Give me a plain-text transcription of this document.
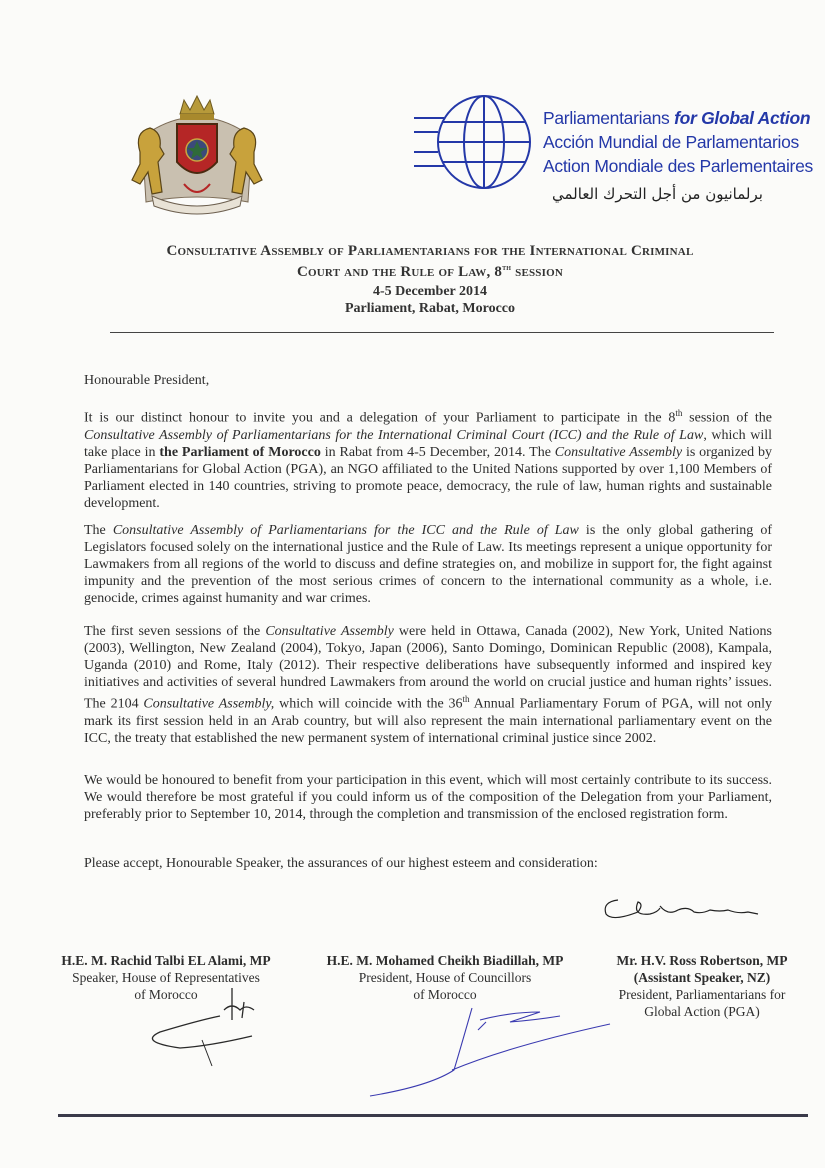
Parliamentarians for Global Action
Acción Mundial de Parlamentarios
Action Mondiale des Parlementaires
برلمانيون من أجل التحرك العالمي
Consultative Assembly of Parliamentarians for the International Criminal
Court and the Rule of Law, 8th session
4-5 December 2014
Parliament, Rabat, Morocco
Honourable President,
It is our distinct honour to invite you and a delegation of your Parliament to participate in the 8th session of the Consultative Assembly of Parliamentarians for the International Criminal Court (ICC) and the Rule of Law, which will take place in the Parliament of Morocco in Rabat from 4-5 December, 2014. The Consultative Assembly is organized by Parliamentarians for Global Action (PGA), an NGO affiliated to the United Nations supported by over 1,100 Members of Parliament elected in 140 countries, striving to promote peace, democracy, the rule of law, human rights and sustainable development.
The Consultative Assembly of Parliamentarians for the ICC and the Rule of Law is the only global gathering of Legislators focused solely on the international justice and the Rule of Law. Its meetings represent a unique opportunity for Lawmakers from all regions of the world to discuss and define strategies on, and mobilize in support for, the fight against impunity and the prevention of the most serious crimes of concern to the international community as a whole, i.e. genocide, crimes against humanity and war crimes.
The first seven sessions of the Consultative Assembly were held in Ottawa, Canada (2002), New York, United Nations (2003), Wellington, New Zealand (2004), Tokyo, Japan (2006), Santo Domingo, Dominican Republic (2008), Kampala, Uganda (2010) and Rome, Italy (2012). Their respective deliberations have subsequently informed and inspired key initiatives and activities of several hundred Lawmakers from around the world on crucial justice and human rights’ issues. The 2104 Consultative Assembly, which will coincide with the 36th Annual Parliamentary Forum of PGA, will not only mark its first session held in an Arab country, but will also represent the main international parliamentary event on the ICC, the treaty that established the new permanent system of international criminal justice since 2002.
We would be honoured to benefit from your participation in this event, which will most certainly contribute to its success. We would therefore be most grateful if you could inform us of the composition of the Delegation from your Parliament, preferably prior to September 10, 2014, through the completion and transmission of the enclosed registration form.
Please accept, Honourable Speaker, the assurances of our highest esteem and consideration:
H.E. M. Rachid Talbi EL Alami, MP
Speaker, House of Representatives
of Morocco
H.E. M. Mohamed Cheikh Biadillah, MP
President, House of Councillors
of Morocco
Mr. H.V. Ross Robertson, MP
(Assistant Speaker, NZ)
President, Parliamentarians for
Global Action (PGA)
